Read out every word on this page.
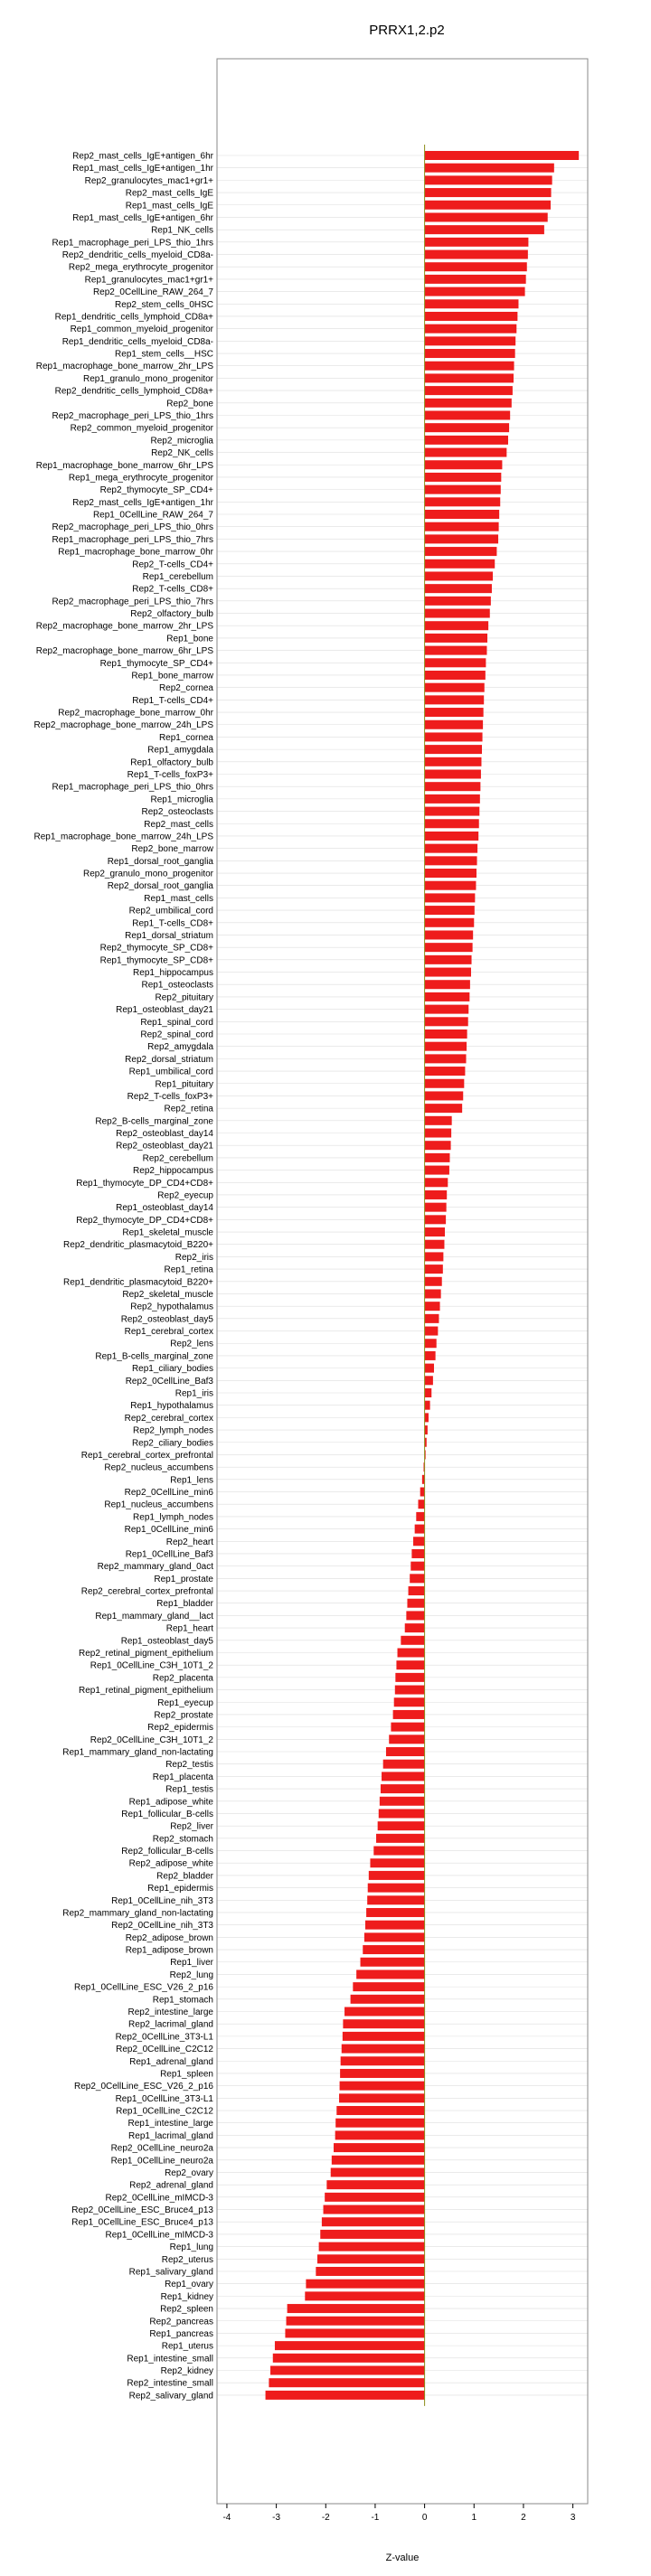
PRRX1,2.p2
Rep2_mast_cells_IgE+antigen_6hr
Rep1_mast_cells_IgE+antigen_1hr
Rep2_granulocytes_mac1+gr1+
Rep2_mast_cells_IgE
Rep1_mast_cells_IgE
Rep1_mast_cells_IgE+antigen_6hr
Rep1_NK_cells
Rep1_macrophage_peri_LPS_thio_1hrs
Rep2_dendritic_cells_myeloid_CD8a-
Rep2_mega_erythrocyte_progenitor
Rep1_granulocytes_mac1+gr1+
Rep2_0CellLine_RAW_264_7
Rep2_stem_cells_0HSC
Rep1_dendritic_cells_lymphoid_CD8a+
Rep1_common_myeloid_progenitor
Rep1_dendritic_cells_myeloid_CD8a-
Rep1_stem_cells__HSC
Rep1_macrophage_bone_marrow_2hr_LPS
Rep1_granulo_mono_progenitor
Rep2_dendritic_cells_lymphoid_CD8a+
Rep2_bone
Rep2_macrophage_peri_LPS_thio_1hrs
Rep2_common_myeloid_progenitor
Rep2_microglia
Rep2_NK_cells
Rep1_macrophage_bone_marrow_6hr_LPS
Rep1_mega_erythrocyte_progenitor
Rep2_thymocyte_SP_CD4+
Rep2_mast_cells_IgE+antigen_1hr
Rep1_0CellLine_RAW_264_7
Rep2_macrophage_peri_LPS_thio_0hrs
Rep1_macrophage_peri_LPS_thio_7hrs
Rep1_macrophage_bone_marrow_0hr
Rep2_T-cells_CD4+
Rep1_cerebellum
Rep2_T-cells_CD8+
Rep2_macrophage_peri_LPS_thio_7hrs
Rep2_olfactory_bulb
Rep2_macrophage_bone_marrow_2hr_LPS
Rep1_bone
Rep2_macrophage_bone_marrow_6hr_LPS
Rep1_thymocyte_SP_CD4+
Rep1_bone_marrow
Rep2_cornea
Rep1_T-cells_CD4+
Rep2_macrophage_bone_marrow_0hr
Rep2_macrophage_bone_marrow_24h_LPS
Rep1_cornea
Rep1_amygdala
Rep1_olfactory_bulb
Rep1_T-cells_foxP3+
Rep1_macrophage_peri_LPS_thio_0hrs
Rep1_microglia
Rep2_osteoclasts
Rep2_mast_cells
Rep1_macrophage_bone_marrow_24h_LPS
Rep2_bone_marrow
Rep1_dorsal_root_ganglia
Rep2_granulo_mono_progenitor
Rep2_dorsal_root_ganglia
Rep1_mast_cells
Rep2_umbilical_cord
Rep1_T-cells_CD8+
Rep1_dorsal_striatum
Rep2_thymocyte_SP_CD8+
Rep1_thymocyte_SP_CD8+
Rep1_hippocampus
Rep1_osteoclasts
Rep2_pituitary
Rep1_osteoblast_day21
Rep1_spinal_cord
Rep2_spinal_cord
Rep2_amygdala
Rep2_dorsal_striatum
Rep1_umbilical_cord
Rep1_pituitary
Rep2_T-cells_foxP3+
Rep2_retina
Rep2_B-cells_marginal_zone
Rep2_osteoblast_day14
Rep2_osteoblast_day21
Rep2_cerebellum
Rep2_hippocampus
Rep1_thymocyte_DP_CD4+CD8+
Rep2_eyecup
Rep1_osteoblast_day14
Rep2_thymocyte_DP_CD4+CD8+
Rep1_skeletal_muscle
Rep2_dendritic_plasmacytoid_B220+
Rep2_iris
Rep1_retina
Rep1_dendritic_plasmacytoid_B220+
Rep2_skeletal_muscle
Rep2_hypothalamus
Rep2_osteoblast_day5
Rep1_cerebral_cortex
Rep2_lens
Rep1_B-cells_marginal_zone
Rep1_ciliary_bodies
Rep2_0CellLine_Baf3
Rep1_iris
Rep1_hypothalamus
Rep2_cerebral_cortex
Rep2_lymph_nodes
Rep2_ciliary_bodies
Rep1_cerebral_cortex_prefrontal
Rep2_nucleus_accumbens
Rep1_lens
Rep2_0CellLine_min6
Rep1_nucleus_accumbens
Rep1_lymph_nodes
Rep1_0CellLine_min6
Rep2_heart
Rep1_0CellLine_Baf3
Rep2_mammary_gland_0act
Rep1_prostate
Rep2_cerebral_cortex_prefrontal
Rep1_bladder
Rep1_mammary_gland__lact
Rep1_heart
Rep1_osteoblast_day5
Rep2_retinal_pigment_epithelium
Rep1_0CellLine_C3H_10T1_2
Rep2_placenta
Rep1_retinal_pigment_epithelium
Rep1_eyecup
Rep2_prostate
Rep2_epidermis
Rep2_0CellLine_C3H_10T1_2
Rep1_mammary_gland_non-lactating
Rep2_testis
Rep1_placenta
Rep1_testis
Rep1_adipose_white
Rep1_follicular_B-cells
Rep2_liver
Rep2_stomach
Rep2_follicular_B-cells
Rep2_adipose_white
Rep2_bladder
Rep1_epidermis
Rep1_0CellLine_nih_3T3
Rep2_mammary_gland_non-lactating
Rep2_0CellLine_nih_3T3
Rep2_adipose_brown
Rep1_adipose_brown
Rep1_liver
Rep2_lung
Rep1_0CellLine_ESC_V26_2_p16
Rep1_stomach
Rep2_intestine_large
Rep2_lacrimal_gland
Rep2_0CellLine_3T3-L1
Rep2_0CellLine_C2C12
Rep1_adrenal_gland
Rep1_spleen
Rep2_0CellLine_ESC_V26_2_p16
Rep1_0CellLine_3T3-L1
Rep1_0CellLine_C2C12
Rep1_intestine_large
Rep1_lacrimal_gland
Rep2_0CellLine_neuro2a
Rep1_0CellLine_neuro2a
Rep2_ovary
Rep2_adrenal_gland
Rep2_0CellLine_mIMCD-3
Rep2_0CellLine_ESC_Bruce4_p13
Rep1_0CellLine_ESC_Bruce4_p13
Rep1_0CellLine_mIMCD-3
Rep1_lung
Rep2_uterus
Rep1_salivary_gland
Rep1_ovary
Rep1_kidney
Rep2_spleen
Rep2_pancreas
Rep1_pancreas
Rep1_uterus
Rep1_intestine_small
Rep2_kidney
Rep2_intestine_small
Rep2_salivary_gland
-4	-3	-2	-1	0	1	2	3
Z-value
